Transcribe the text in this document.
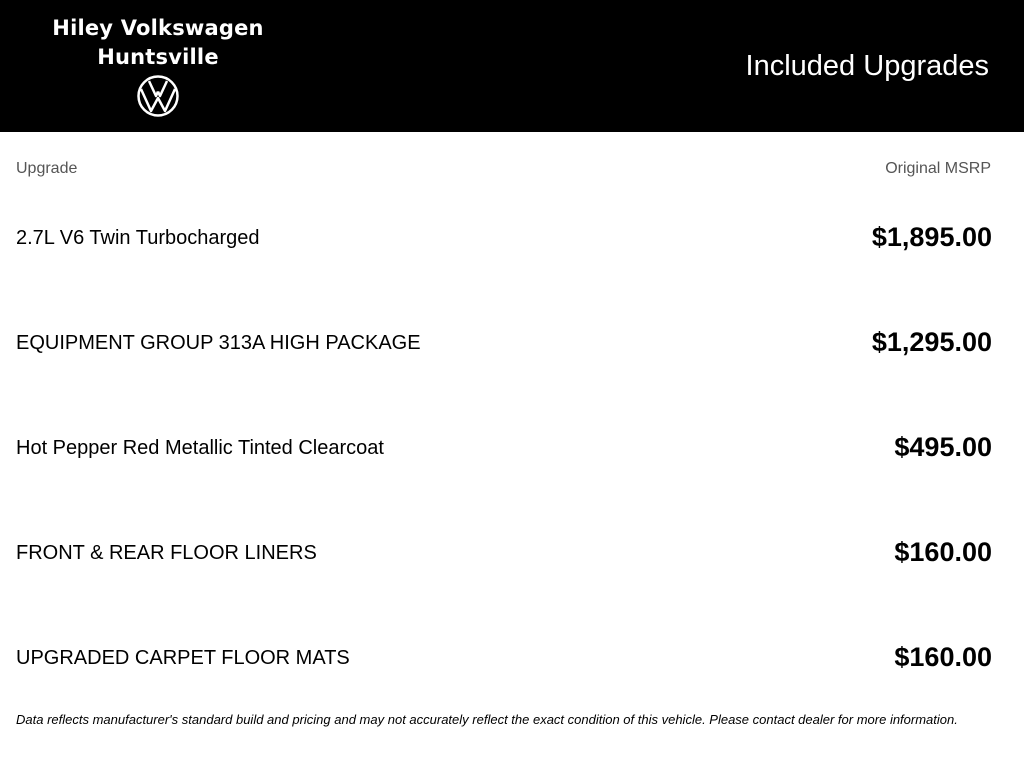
Hiley Volkswagen
Huntsville	Included Upgrades
Upgrade	Original MSRP
2.7L V6 Twin Turbocharged	$1,895.00
EQUIPMENT GROUP 313A HIGH PACKAGE	$1,295.00
Hot Pepper Red Metallic Tinted Clearcoat	$495.00
FRONT & REAR FLOOR LINERS	$160.00
UPGRADED CARPET FLOOR MATS	$160.00
Data reflects manufacturer's standard build and pricing and may not accurately reflect the exact condition of this vehicle. Please contact dealer for more information.
